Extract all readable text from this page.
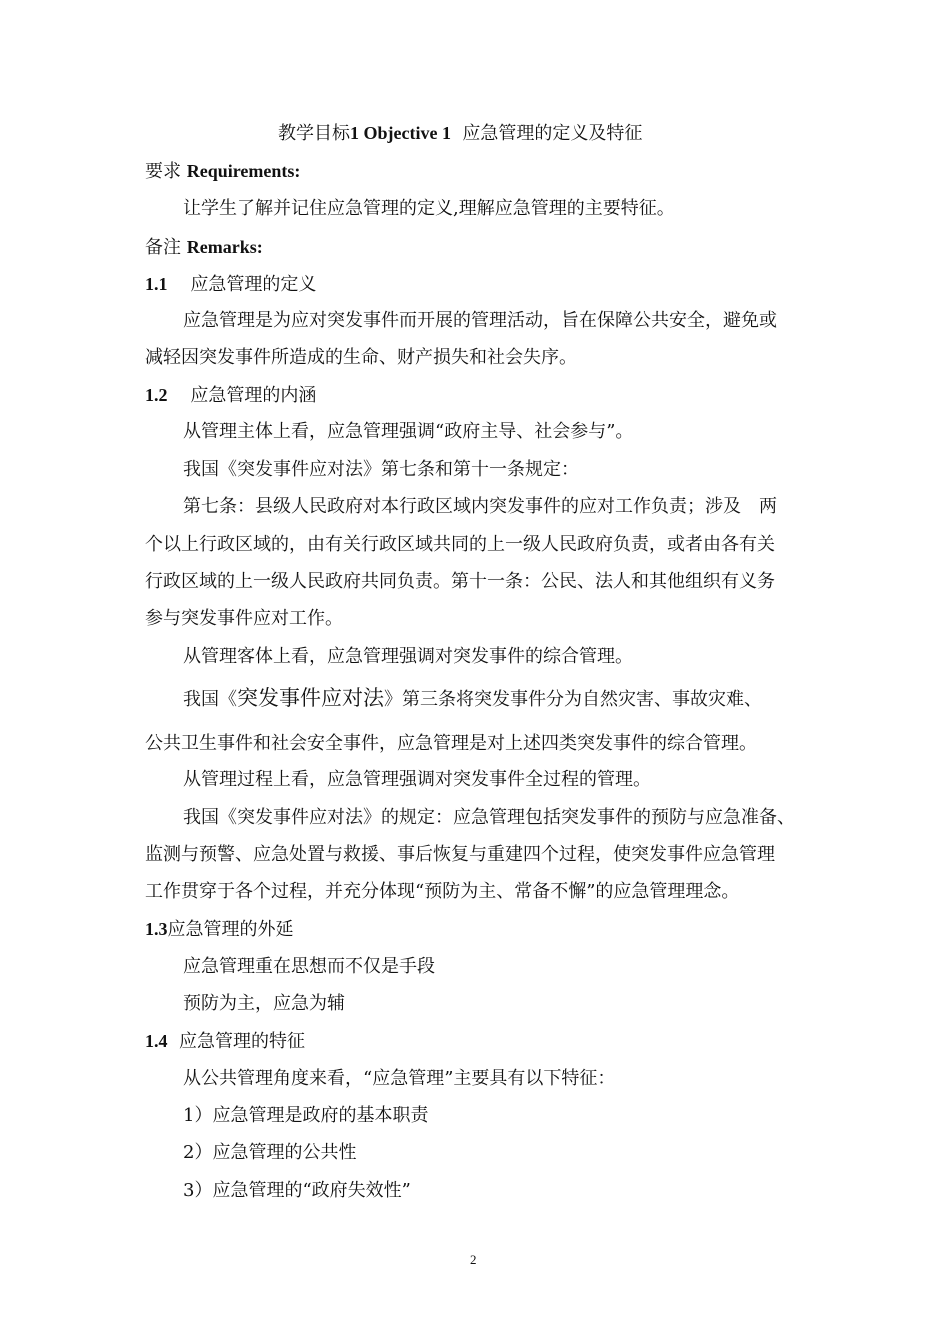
教学目标1 Objective 1 应急管理的定义及特征
要求 Requirements:
让学生了解并记住应急管理的定义,理解应急管理的主要特征。
备注 Remarks:
1.1 应急管理的定义
应急管理是为应对突发事件而开展的管理活动，旨在保障公共安全，避免或
减轻因突发事件所造成的生命、财产损失和社会失序。
1.2 应急管理的内涵
从管理主体上看，应急管理强调“政府主导、社会参与”。
我国《突发事件应对法》第七条和第十一条规定：
第七条：县级人民政府对本行政区域内突发事件的应对工作负责；涉及　两
个以上行政区域的，由有关行政区域共同的上一级人民政府负责，或者由各有关
行政区域的上一级人民政府共同负责。第十一条：公民、法人和其他组织有义务
参与突发事件应对工作。
从管理客体上看，应急管理强调对突发事件的综合管理。
我国《突发事件应对法》第三条将突发事件分为自然灾害、事故灾难、
公共卫生事件和社会安全事件，应急管理是对上述四类突发事件的综合管理。
从管理过程上看，应急管理强调对突发事件全过程的管理。
我国《突发事件应对法》的规定：应急管理包括突发事件的预防与应急准备、
监测与预警、应急处置与救援、事后恢复与重建四个过程，使突发事件应急管理
工作贯穿于各个过程，并充分体现“预防为主、常备不懈”的应急管理理念。
1.3应急管理的外延
应急管理重在思想而不仅是手段
预防为主，应急为辅
1.4 应急管理的特征
从公共管理角度来看，“应急管理”主要具有以下特征：
1）应急管理是政府的基本职责
2）应急管理的公共性
3）应急管理的“政府失效性”
2
